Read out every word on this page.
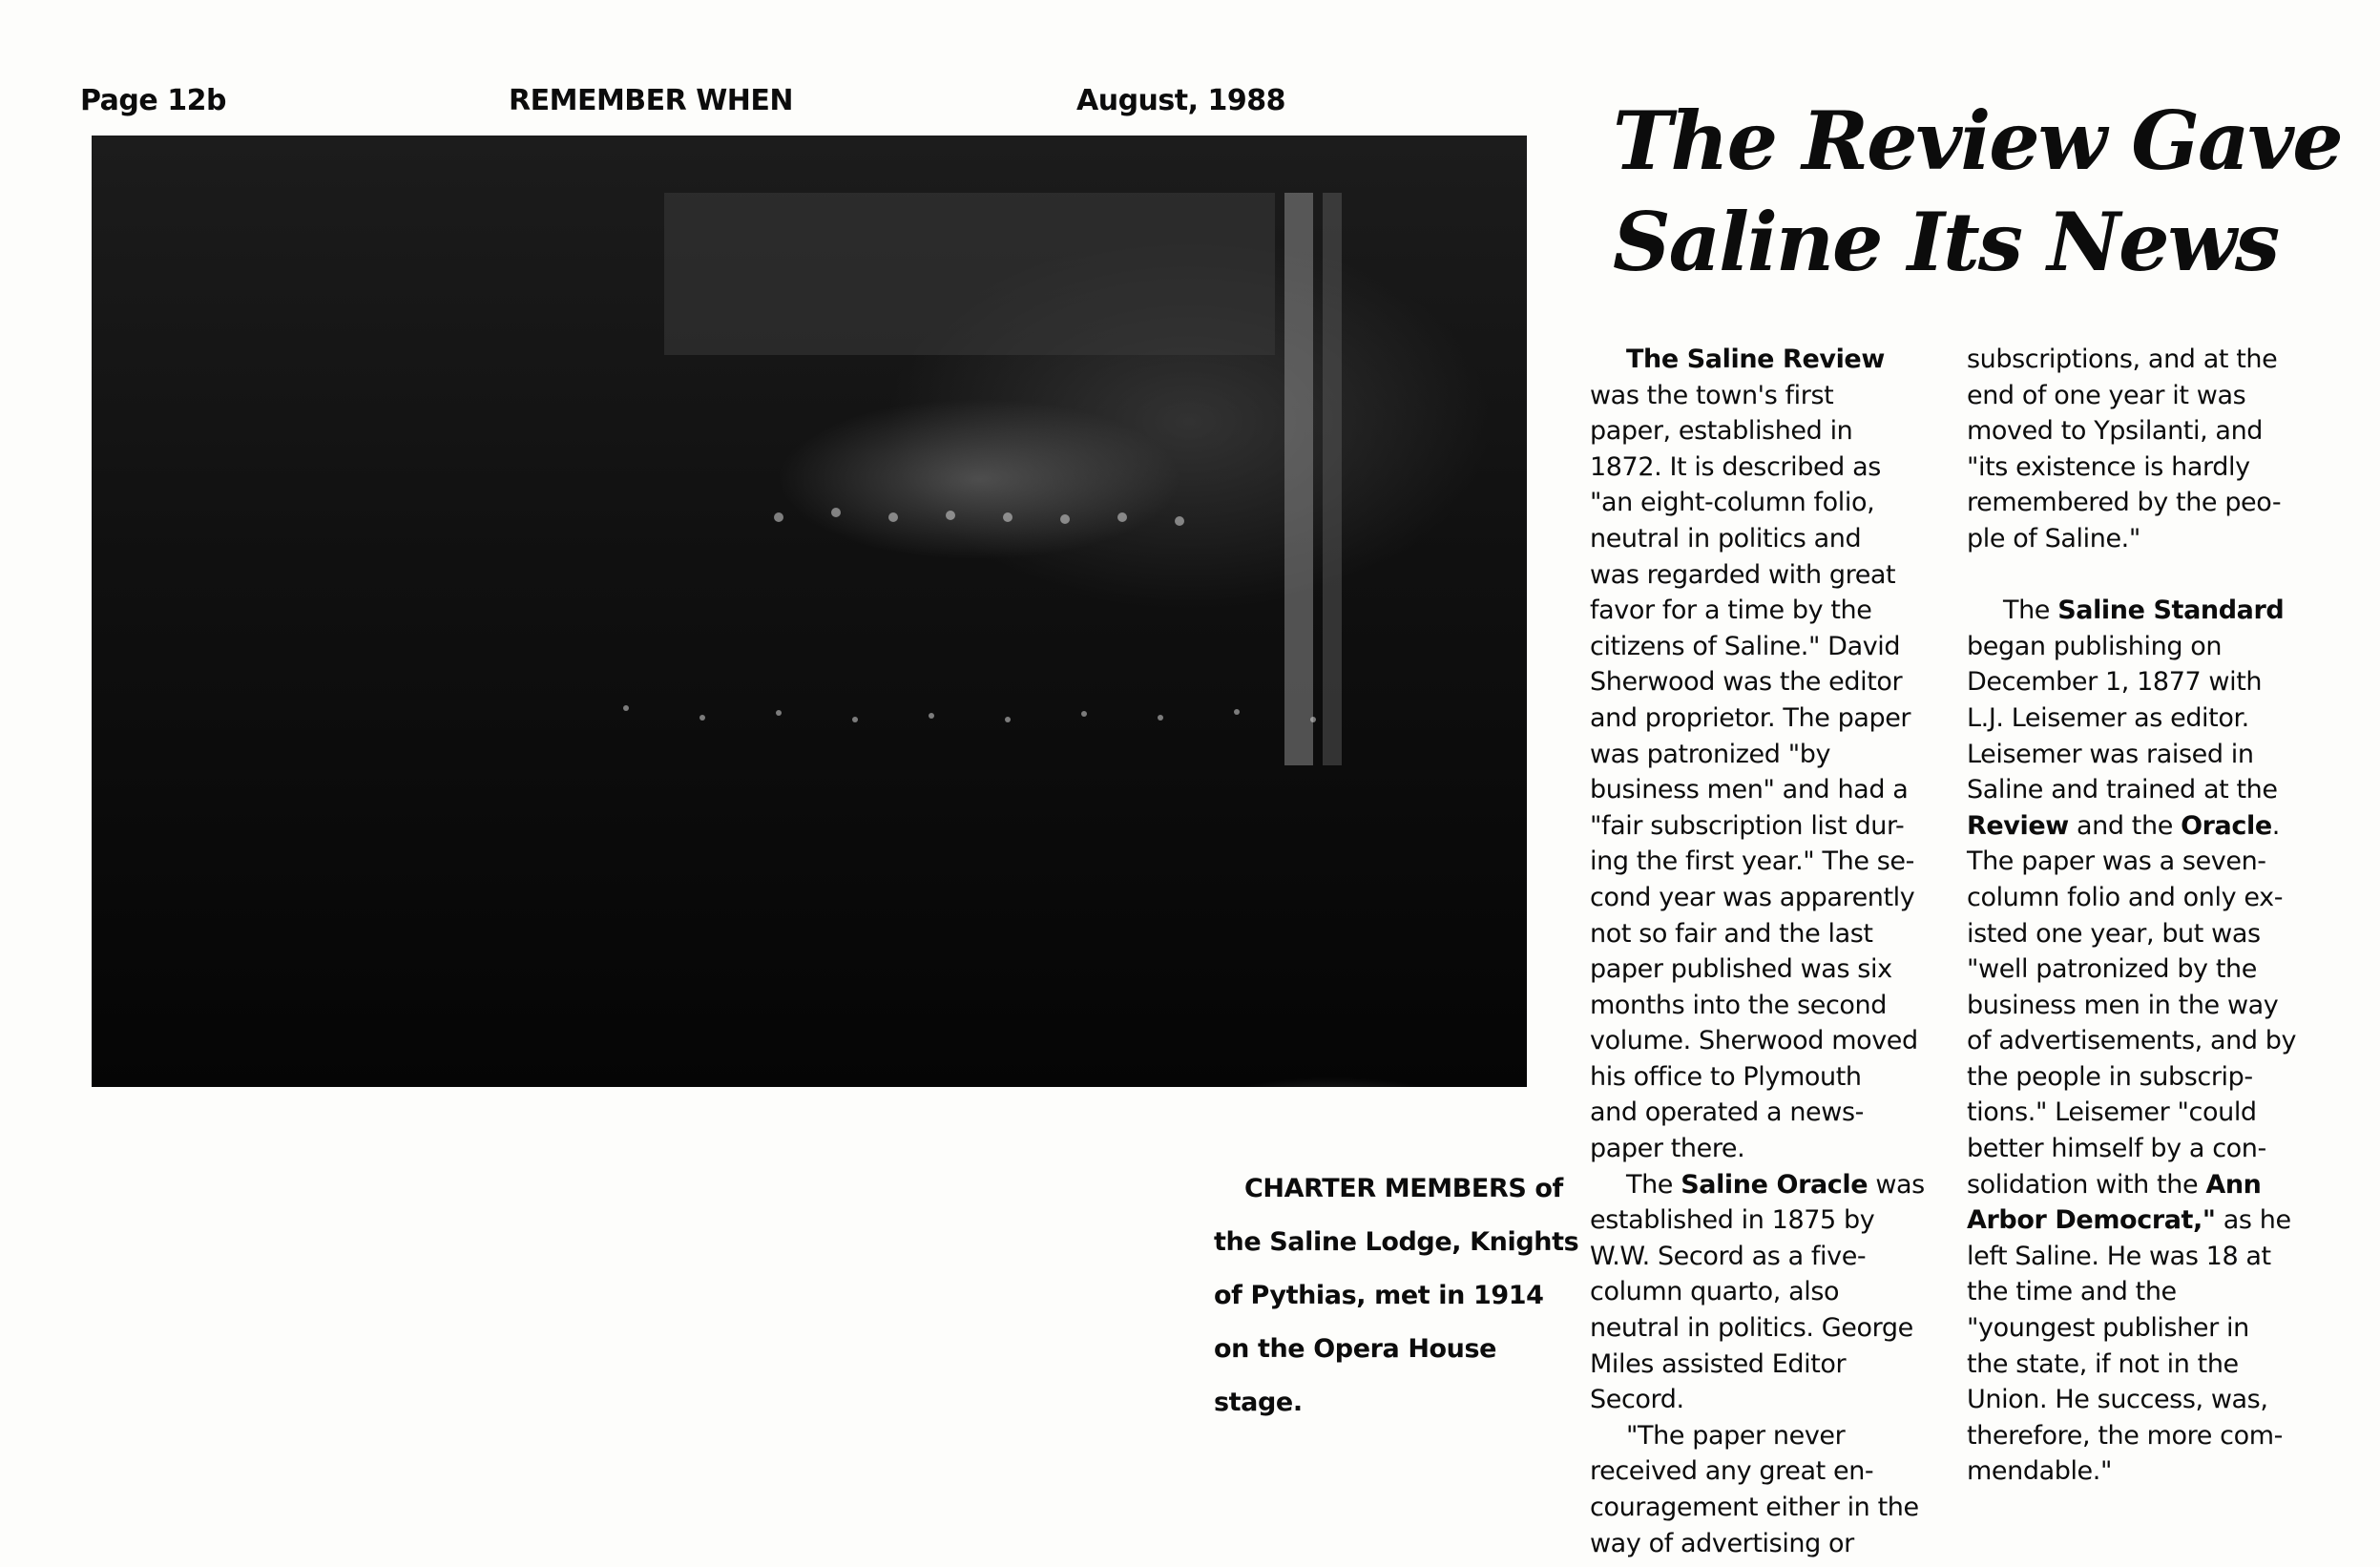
Page 12b	REMEMBER WHEN	August, 1988	The Review Gave
Saline Its News
The Saline Review
was the town's first
paper, established in
1872. It is described as
"an eight-column folio,
neutral in politics and
was regarded with great
favor for a time by the
citizens of Saline." David
Sherwood was the editor
and proprietor. The paper
was patronized "by
business men" and had a
"fair subscription list dur-
ing the first year." The se-
cond year was apparently
not so fair and the last
paper published was six
months into the second
volume. Sherwood moved
his office to Plymouth
and operated a news-
paper there.
The Saline Oracle was
established in 1875 by
W.W. Secord as a five-
column quarto, also
neutral in politics. George
Miles assisted Editor
Secord.
"The paper never
received any great en-
couragement either in the
way of advertising or
subscriptions, and at the
end of one year it was
moved to Ypsilanti, and
"its existence is hardly
remembered by the peo-
ple of Saline."
The Saline Standard
began publishing on
December 1, 1877 with
L.J. Leisemer as editor.
Leisemer was raised in
Saline and trained at the
Review and the Oracle.
The paper was a seven-
column folio and only ex-
isted one year, but was
"well patronized by the
business men in the way
of advertisements, and by
the people in subscrip-
tions." Leisemer "could
better himself by a con-
solidation with the Ann
Arbor Democrat," as he
left Saline. He was 18 at
the time and the
"youngest publisher in
the state, if not in the
Union. He success, was,
therefore, the more com-
mendable."
CHARTER MEMBERS of
the Saline Lodge, Knights
of Pythias, met in 1914
on the Opera House
stage.
